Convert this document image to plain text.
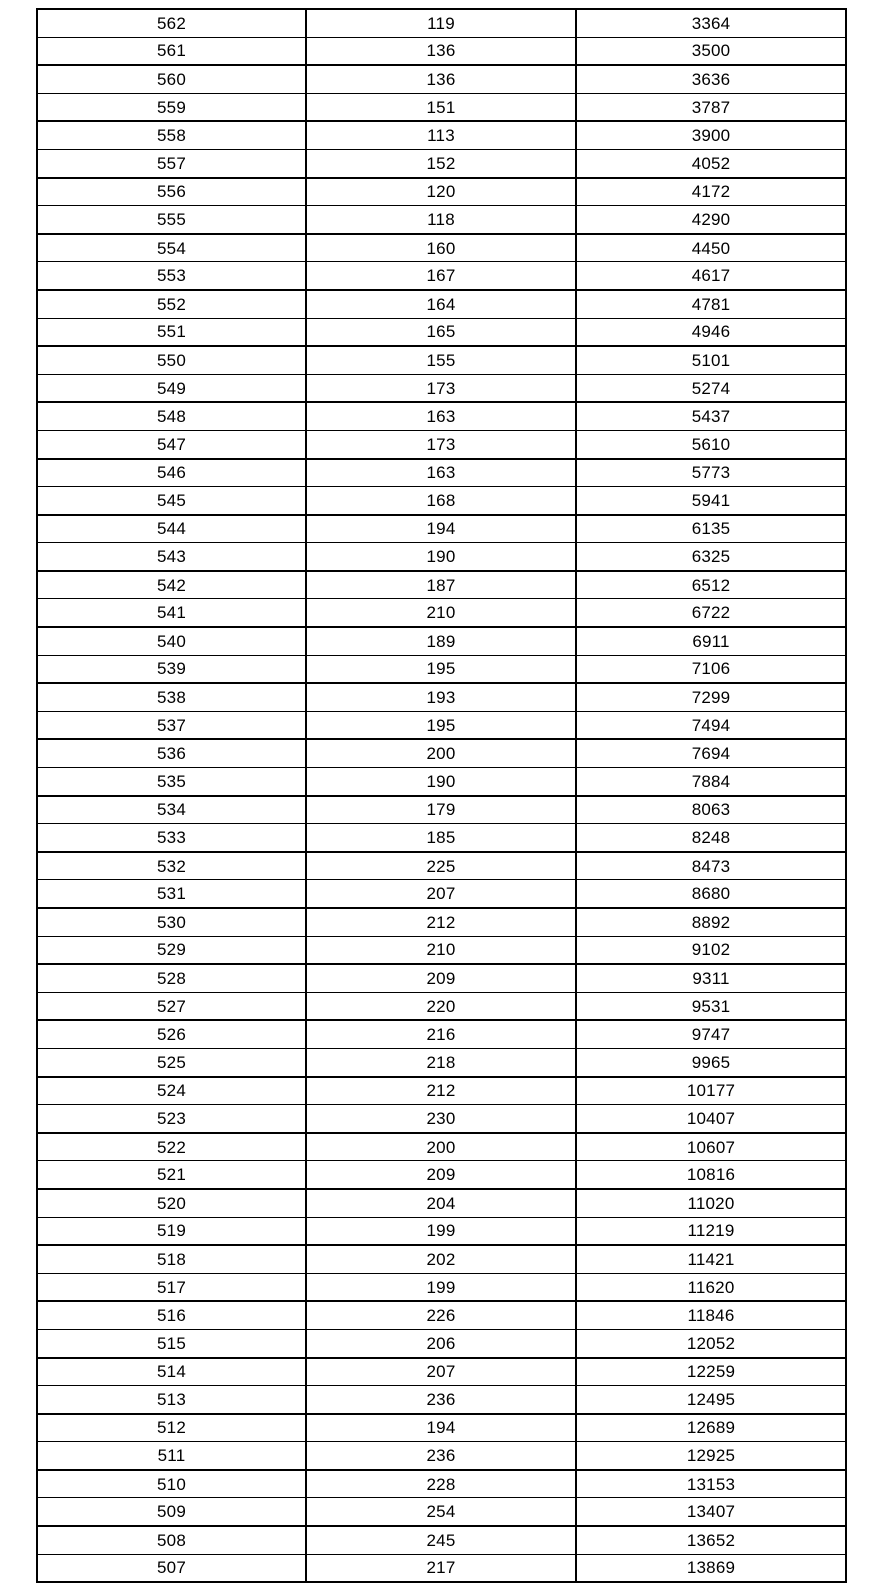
562	119	3364
561	136	3500
560	136	3636
559	151	3787
558	113	3900
557	152	4052
556	120	4172
555	118	4290
554	160	4450
553	167	4617
552	164	4781
551	165	4946
550	155	5101
549	173	5274
548	163	5437
547	173	5610
546	163	5773
545	168	5941
544	194	6135
543	190	6325
542	187	6512
541	210	6722
540	189	6911
539	195	7106
538	193	7299
537	195	7494
536	200	7694
535	190	7884
534	179	8063
533	185	8248
532	225	8473
531	207	8680
530	212	8892
529	210	9102
528	209	9311
527	220	9531
526	216	9747
525	218	9965
524	212	10177
523	230	10407
522	200	10607
521	209	10816
520	204	11020
519	199	11219
518	202	11421
517	199	11620
516	226	11846
515	206	12052
514	207	12259
513	236	12495
512	194	12689
511	236	12925
510	228	13153
509	254	13407
508	245	13652
507	217	13869
